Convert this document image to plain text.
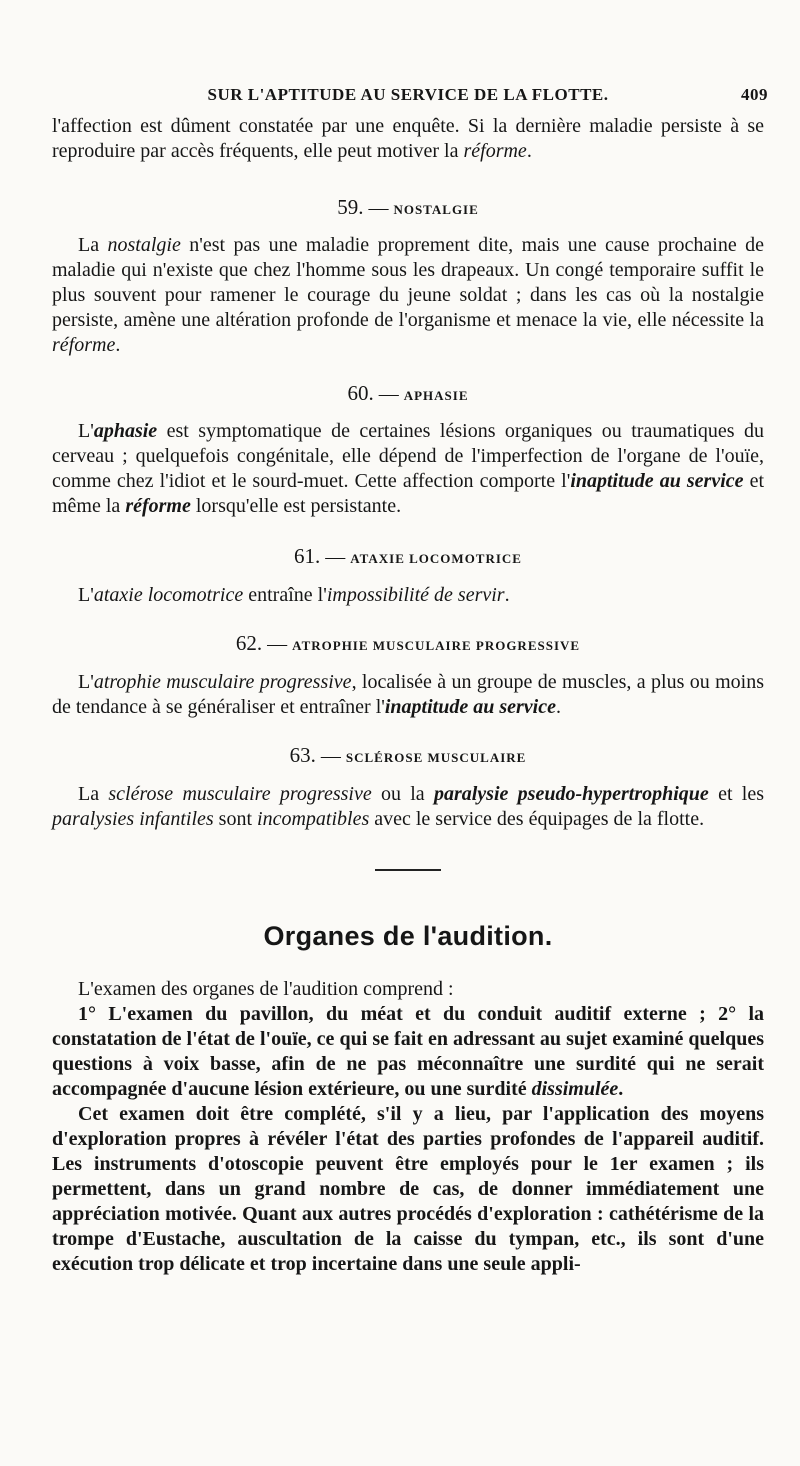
SUR L'APTITUDE AU SERVICE DE LA FLOTTE.	409

l'affection est dûment constatée par une enquête. Si la dernière maladie persiste à se reproduire par accès fréquents, elle peut motiver la réforme.

59. — NOSTALGIE

La nostalgie n'est pas une maladie proprement dite, mais une cause prochaine de maladie qui n'existe que chez l'homme sous les drapeaux. Un congé temporaire suffit le plus souvent pour ramener le courage du jeune soldat ; dans les cas où la nostalgie persiste, amène une altération profonde de l'organisme et menace la vie, elle nécessite la réforme.

60. — APHASIE

L'aphasie est symptomatique de certaines lésions organiques ou traumatiques du cerveau ; quelquefois congénitale, elle dépend de l'imperfection de l'organe de l'ouïe, comme chez l'idiot et le sourd-muet. Cette affection comporte l'inaptitude au service et même la réforme lorsqu'elle est persistante.

61. — ATAXIE LOCOMOTRICE

L'ataxie locomotrice entraîne l'impossibilité de servir.

62. — ATROPHIE MUSCULAIRE PROGRESSIVE

L'atrophie musculaire progressive, localisée à un groupe de muscles, a plus ou moins de tendance à se généraliser et entraîner l'inaptitude au service.

63. — SCLÉROSE MUSCULAIRE

La sclérose musculaire progressive ou la paralysie pseudo-hypertrophique et les paralysies infantiles sont incompatibles avec le service des équipages de la flotte.

Organes de l'audition.

L'examen des organes de l'audition comprend :

1° L'examen du pavillon, du méat et du conduit auditif externe ; 2° la constatation de l'état de l'ouïe, ce qui se fait en adressant au sujet examiné quelques questions à voix basse, afin de ne pas méconnaître une surdité qui ne serait accompagnée d'aucune lésion extérieure, ou une surdité dissimulée.

Cet examen doit être complété, s'il y a lieu, par l'application des moyens d'exploration propres à révéler l'état des parties profondes de l'appareil auditif. Les instruments d'otoscopie peuvent être employés pour le 1er examen ; ils permettent, dans un grand nombre de cas, de donner immédiatement une appréciation motivée. Quant aux autres procédés d'exploration : cathétérisme de la trompe d'Eustache, auscultation de la caisse du tympan, etc., ils sont d'une exécution trop délicate et trop incertaine dans une seule appli-
